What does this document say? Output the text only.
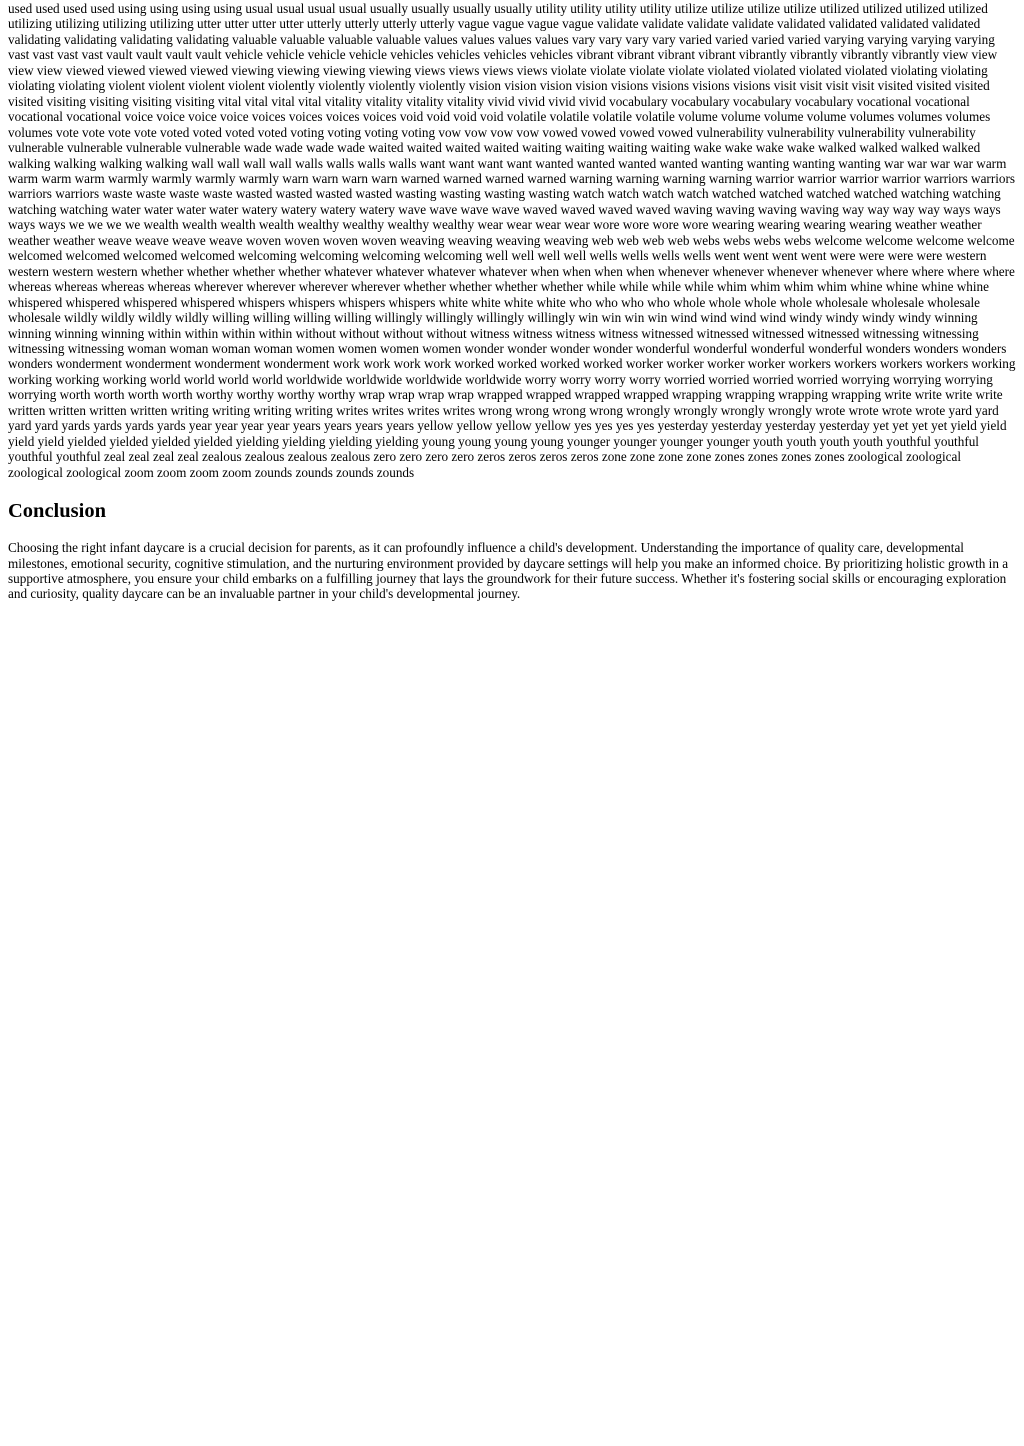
used used used used using using using using usual usual usual usual usually usually usually usually utility utility utility utility utilize utilize utilize utilize utilized utilized utilized utilized utilizing utilizing utilizing utilizing utter utter utter utter utterly utterly utterly utterly vague vague vague vague validate validate validate validate validated validated validated validated validating validating validating validating valuable valuable valuable valuable values values values values vary vary vary vary varied varied varied varied varying varying varying varying vast vast vast vast vault vault vault vault vehicle vehicle vehicle vehicle vehicles vehicles vehicles vehicles vibrant vibrant vibrant vibrant vibrantly vibrantly vibrantly vibrantly view view view view viewed viewed viewed viewed viewing viewing viewing viewing views views views views violate violate violate violate violated violated violated violated violating violating violating violating violent violent violent violent violently violently violently violently vision vision vision vision visions visions visions visions visit visit visit visit visited visited visited visited visiting visiting visiting visiting vital vital vital vital vitality vitality vitality vitality vivid vivid vivid vivid vocabulary vocabulary vocabulary vocabulary vocational vocational vocational vocational voice voice voice voice voices voices voices voices void void void void volatile volatile volatile volatile volume volume volume volume volumes volumes volumes volumes vote vote vote vote voted voted voted voted voting voting voting voting vow vow vow vow vowed vowed vowed vowed vulnerability vulnerability vulnerability vulnerability vulnerable vulnerable vulnerable vulnerable wade wade wade wade waited waited waited waited waiting waiting waiting waiting wake wake wake wake walked walked walked walked walking walking walking walking wall wall wall wall walls walls walls walls want want want want wanted wanted wanted wanted wanting wanting wanting wanting war war war war warm warm warm warm warmly warmly warmly warmly warn warn warn warn warned warned warned warned warning warning warning warning warrior warrior warrior warrior warriors warriors warriors warriors waste waste waste waste wasted wasted wasted wasted wasting wasting wasting wasting watch watch watch watch watched watched watched watched watching watching watching watching water water water water watery watery watery watery wave wave wave wave waved waved waved waved waving waving waving waving way way way way ways ways ways ways we we we we wealth wealth wealth wealth wealthy wealthy wealthy wealthy wear wear wear wear wore wore wore wore wearing wearing wearing wearing weather weather weather weather weave weave weave weave woven woven woven woven weaving weaving weaving weaving web web web web webs webs webs webs welcome welcome welcome welcome welcomed welcomed welcomed welcomed welcoming welcoming welcoming welcoming well well well well wells wells wells wells went went went went were were were were western western western western whether whether whether whether whatever whatever whatever whatever when when when when whenever whenever whenever whenever where where where where whereas whereas whereas whereas wherever wherever wherever wherever whether whether whether whether while while while while whim whim whim whim whine whine whine whine whispered whispered whispered whispered whispers whispers whispers whispers white white white white who who who who whole whole whole whole wholesale wholesale wholesale wholesale wildly wildly wildly wildly willing willing willing willing willingly willingly willingly willingly win win win win wind wind wind wind windy windy windy windy winning winning winning winning within within within within without without without without witness witness witness witness witnessed witnessed witnessed witnessed witnessing witnessing witnessing witnessing woman woman woman woman women women women women wonder wonder wonder wonder wonderful wonderful wonderful wonderful wonders wonders wonders wonders wonderment wonderment wonderment wonderment work work work work worked worked worked worked worker worker worker worker workers workers workers workers working working working working world world world world worldwide worldwide worldwide worldwide worry worry worry worry worried worried worried worried worrying worrying worrying worrying worth worth worth worth worthy worthy worthy worthy wrap wrap wrap wrap wrapped wrapped wrapped wrapped wrapping wrapping wrapping wrapping write write write write written written written written writing writing writing writing writes writes writes writes wrong wrong wrong wrong wrongly wrongly wrongly wrongly wrote wrote wrote wrote yard yard yard yard yards yards yards yards year year year year years years years years yellow yellow yellow yellow yes yes yes yes yesterday yesterday yesterday yesterday yet yet yet yet yield yield yield yield yielded yielded yielded yielded yielding yielding yielding yielding young young young young younger younger younger younger youth youth youth youth youthful youthful youthful youthful zeal zeal zeal zeal zealous zealous zealous zealous zero zero zero zero zeros zeros zeros zeros zone zone zone zone zones zones zones zones zoological zoological zoological zoological zoom zoom zoom zoom zounds zounds zounds zounds

Conclusion

Choosing the right infant daycare is a crucial decision for parents, as it can profoundly influence a child's development. Understanding the importance of quality care, developmental milestones, emotional security, cognitive stimulation, and the nurturing environment provided by daycare settings will help you make an informed choice. By prioritizing holistic growth in a supportive atmosphere, you ensure your child embarks on a fulfilling journey that lays the groundwork for their future success. Whether it's fostering social skills or encouraging exploration and curiosity, quality daycare can be an invaluable partner in your child's developmental journey.
